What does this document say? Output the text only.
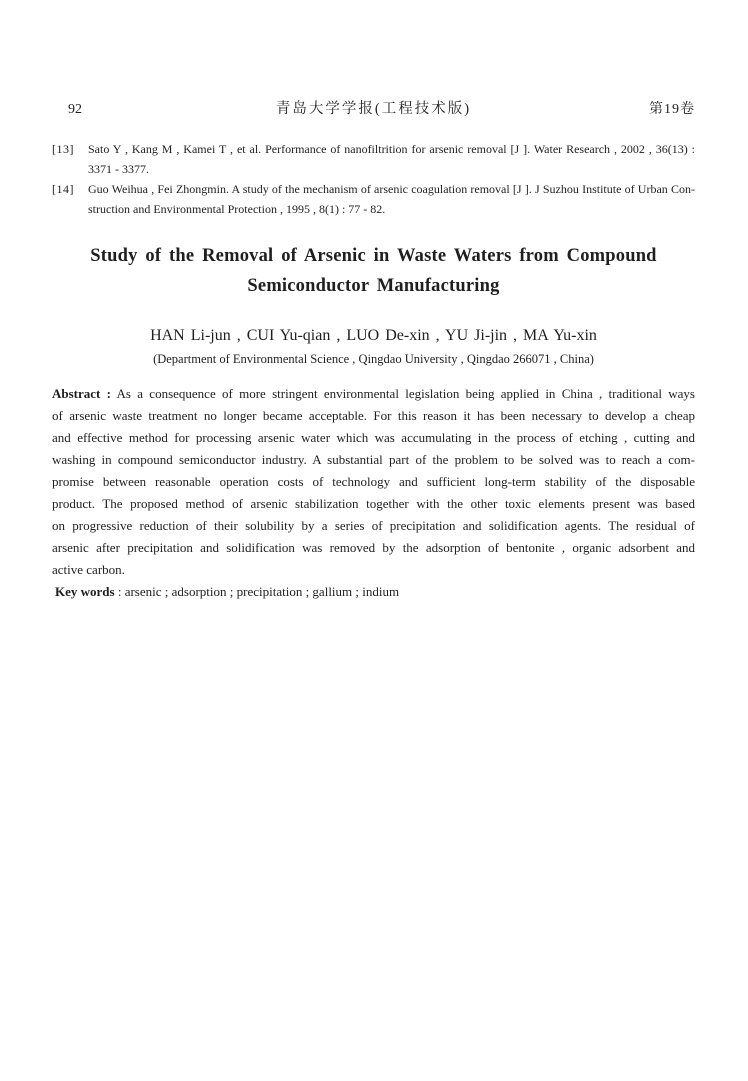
92	青岛大学学报(工程技术版)	第19卷
[13]	Sato Y , Kang M , Kamei T , et al. Performance of nanofiltrition for arsenic removal [J ]. Water Research , 2002 , 36(13) :
3371 - 3377.
[14]	Guo Weihua , Fei Zhongmin. A study of the mechanism of arsenic coagulation removal [J ]. J Suzhou Institute of Urban Con-
struction and Environmental Protection , 1995 , 8(1) : 77 - 82.
Study of the Removal of Arsenic in Waste Waters from Compound
Semiconductor Manufacturing
HAN Li-jun , CUI Yu-qian , LUO De-xin , YU Ji-jin , MA Yu-xin
(Department of Environmental Science , Qingdao University , Qingdao 266071 , China)
Abstract : As a consequence of more stringent environmental legislation being applied in China , traditional ways
of arsenic waste treatment no longer became acceptable. For this reason it has been necessary to develop a cheap
and effective method for processing arsenic water which was accumulating in the process of etching , cutting and
washing in compound semiconductor industry. A substantial part of the problem to be solved was to reach a com-
promise between reasonable operation costs of technology and sufficient long-term stability of the disposable
product. The proposed method of arsenic stabilization together with the other toxic elements present was based
on progressive reduction of their solubility by a series of precipitation and solidification agents. The residual of
arsenic after precipitation and solidification was removed by the adsorption of bentonite , organic adsorbent and
active carbon.
Key words : arsenic ; adsorption ; precipitation ; gallium ; indium
